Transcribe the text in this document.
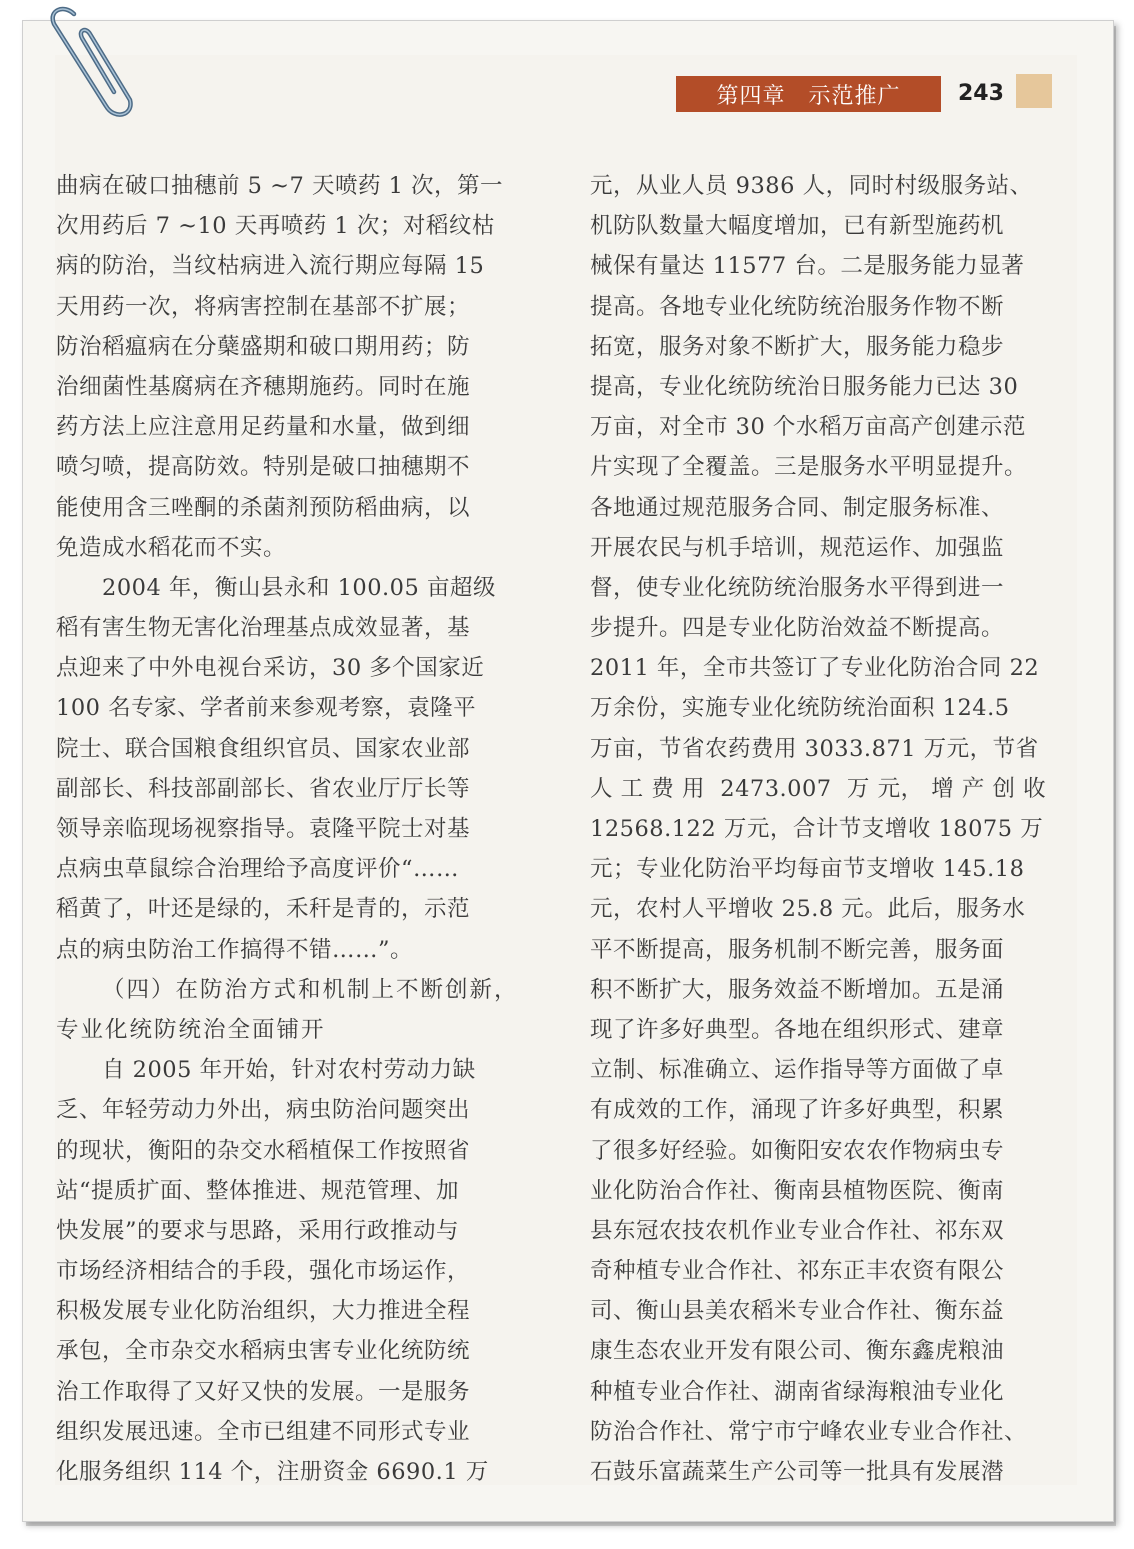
第四章　示范推广	243
曲病在破口抽穗前 5 ~7 天喷药 1 次，第一
次用药后 7 ~10 天再喷药 1 次；对稻纹枯
病的防治，当纹枯病进入流行期应每隔 15
天用药一次，将病害控制在基部不扩展；
防治稻瘟病在分蘖盛期和破口期用药；防
治细菌性基腐病在齐穗期施药。同时在施
药方法上应注意用足药量和水量，做到细
喷匀喷，提高防效。特别是破口抽穗期不
能使用含三唑酮的杀菌剂预防稻曲病，以
免造成水稻花而不实。
2004 年，衡山县永和 100.05 亩超级
稻有害生物无害化治理基点成效显著，基
点迎来了中外电视台采访，30 多个国家近
100 名专家、学者前来参观考察，袁隆平
院士、联合国粮食组织官员、国家农业部
副部长、科技部副部长、省农业厅厅长等
领导亲临现场视察指导。袁隆平院士对基
点病虫草鼠综合治理给予高度评价“……
稻黄了，叶还是绿的，禾秆是青的，示范
点的病虫防治工作搞得不错……”。
（四）在防治方式和机制上不断创新，
专业化统防统治全面铺开
自 2005 年开始，针对农村劳动力缺
乏、年轻劳动力外出，病虫防治问题突出
的现状，衡阳的杂交水稻植保工作按照省
站“提质扩面、整体推进、规范管理、加
快发展”的要求与思路，采用行政推动与
市场经济相结合的手段，强化市场运作，
积极发展专业化防治组织，大力推进全程
承包，全市杂交水稻病虫害专业化统防统
治工作取得了又好又快的发展。一是服务
组织发展迅速。全市已组建不同形式专业
化服务组织 114 个，注册资金 6690.1 万
元，从业人员 9386 人，同时村级服务站、
机防队数量大幅度增加，已有新型施药机
械保有量达 11577 台。二是服务能力显著
提高。各地专业化统防统治服务作物不断
拓宽，服务对象不断扩大，服务能力稳步
提高，专业化统防统治日服务能力已达 30
万亩，对全市 30 个水稻万亩高产创建示范
片实现了全覆盖。三是服务水平明显提升。
各地通过规范服务合同、制定服务标准、
开展农民与机手培训，规范运作、加强监
督，使专业化统防统治服务水平得到进一
步提升。四是专业化防治效益不断提高。
2011 年，全市共签订了专业化防治合同 22
万余份，实施专业化统防统治面积 124.5
万亩，节省农药费用 3033.871 万元，节省
人 工 费 用  2473.007  万 元， 增 产 创 收
12568.122 万元，合计节支增收 18075 万
元；专业化防治平均每亩节支增收 145.18
元，农村人平增收 25.8 元。此后，服务水
平不断提高，服务机制不断完善，服务面
积不断扩大，服务效益不断增加。五是涌
现了许多好典型。各地在组织形式、建章
立制、标准确立、运作指导等方面做了卓
有成效的工作，涌现了许多好典型，积累
了很多好经验。如衡阳安农农作物病虫专
业化防治合作社、衡南县植物医院、衡南
县东冠农技农机作业专业合作社、祁东双
奇种植专业合作社、祁东正丰农资有限公
司、衡山县美农稻米专业合作社、衡东益
康生态农业开发有限公司、衡东鑫虎粮油
种植专业合作社、湖南省绿海粮油专业化
防治合作社、常宁市宁峰农业专业合作社、
石鼓乐富蔬菜生产公司等一批具有发展潜
